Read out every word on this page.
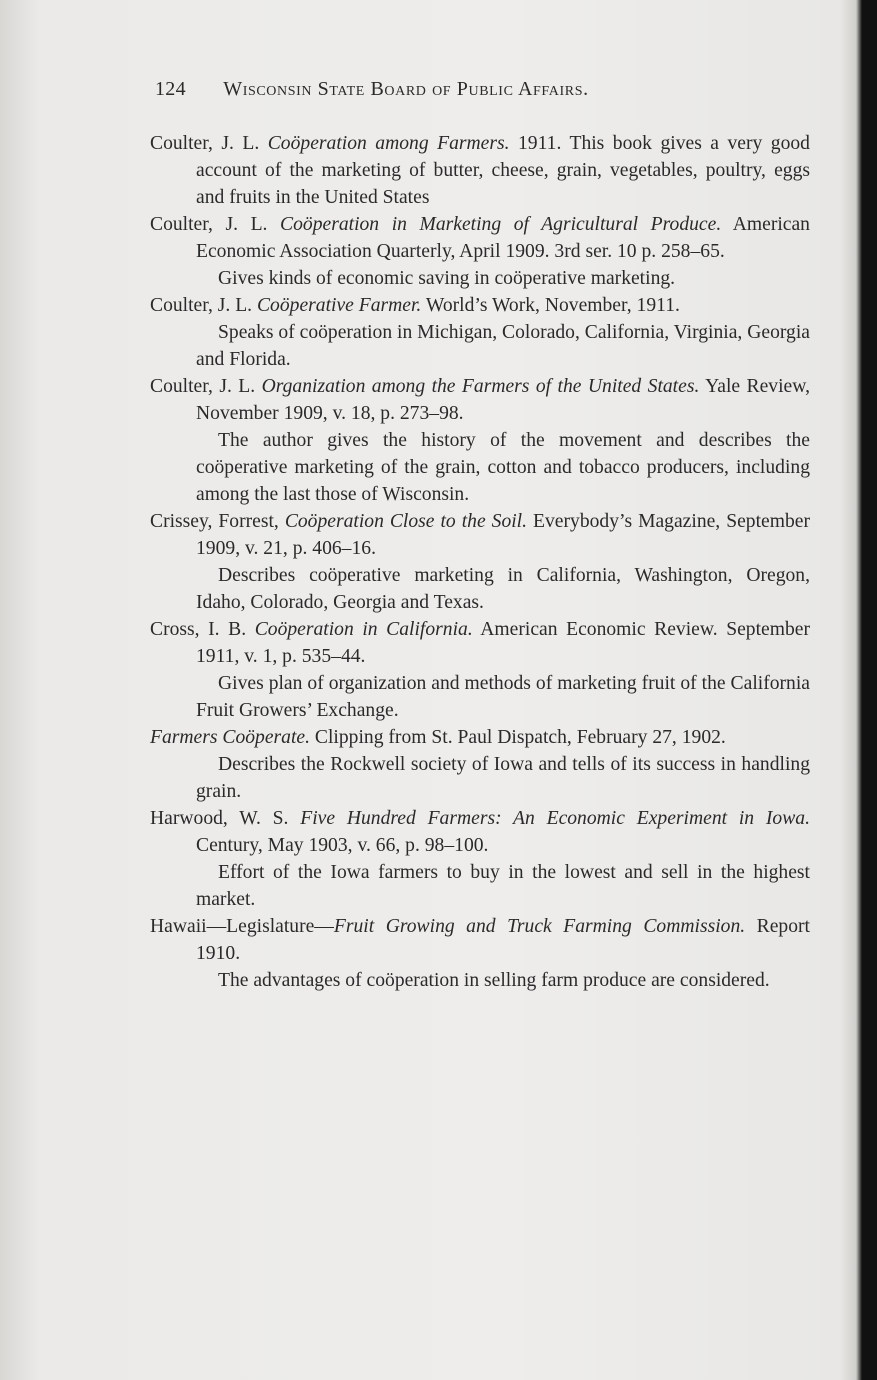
124 Wisconsin State Board of Public Affairs.
Coulter, J. L. Coöperation among Farmers. 1911. This book gives a very good account of the marketing of butter, cheese, grain, vegetables, poultry, eggs and fruits in the United States
Coulter, J. L. Coöperation in Marketing of Agricultural Produce. American Economic Association Quarterly, April 1909. 3rd ser. 10 p. 258–65.
Gives kinds of economic saving in coöperative marketing.
Coulter, J. L. Coöperative Farmer. World’s Work, November, 1911.
Speaks of coöperation in Michigan, Colorado, California, Virginia, Georgia and Florida.
Coulter, J. L. Organization among the Farmers of the United States. Yale Review, November 1909, v. 18, p. 273–98.
The author gives the history of the movement and describes the coöperative marketing of the grain, cotton and tobacco producers, including among the last those of Wisconsin.
Crissey, Forrest, Coöperation Close to the Soil. Everybody’s Magazine, September 1909, v. 21, p. 406–16.
Describes coöperative marketing in California, Washington, Oregon, Idaho, Colorado, Georgia and Texas.
Cross, I. B. Coöperation in California. American Economic Review. September 1911, v. 1, p. 535–44.
Gives plan of organization and methods of marketing fruit of the California Fruit Growers’ Exchange.
Farmers Coöperate. Clipping from St. Paul Dispatch, February 27, 1902.
Describes the Rockwell society of Iowa and tells of its success in handling grain.
Harwood, W. S. Five Hundred Farmers: An Economic Experiment in Iowa. Century, May 1903, v. 66, p. 98–100.
Effort of the Iowa farmers to buy in the lowest and sell in the highest market.
Hawaii—Legislature—Fruit Growing and Truck Farming Commission. Report 1910.
The advantages of coöperation in selling farm produce are considered.
